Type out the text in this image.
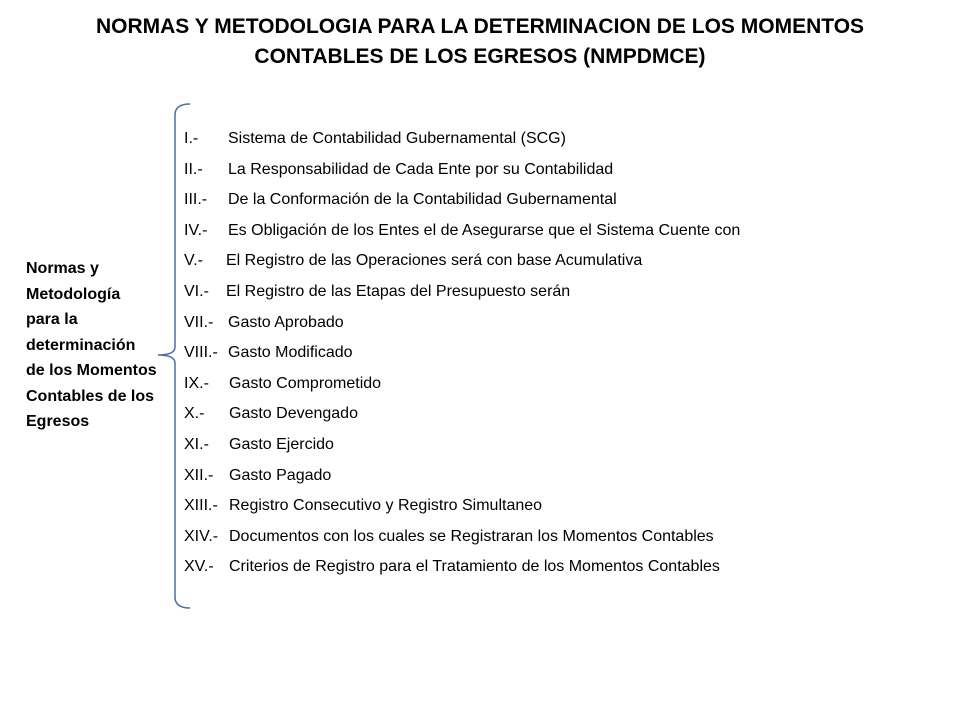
NORMAS Y METODOLOGIA PARA LA DETERMINACION DE LOS MOMENTOS
CONTABLES DE LOS EGRESOS (NMPDMCE)
Normas y Metodología para la determinación de los Momentos Contables de los Egresos
I.- Sistema de Contabilidad Gubernamental (SCG)
II.- La Responsabilidad de Cada Ente por su Contabilidad
III.- De la Conformación de la Contabilidad Gubernamental
IV.- Es Obligación de los Entes el de Asegurarse que el Sistema Cuente con
V.- El Registro de las Operaciones será con base Acumulativa
VI.- El Registro de las Etapas del Presupuesto serán
VII.- Gasto Aprobado
VIII.- Gasto Modificado
IX.- Gasto Comprometido
X.- Gasto Devengado
XI.- Gasto Ejercido
XII.- Gasto Pagado
XIII.- Registro Consecutivo y Registro Simultaneo
XIV.- Documentos con los cuales se Registraran los Momentos Contables
XV.- Criterios de Registro para el Tratamiento de los Momentos Contables
